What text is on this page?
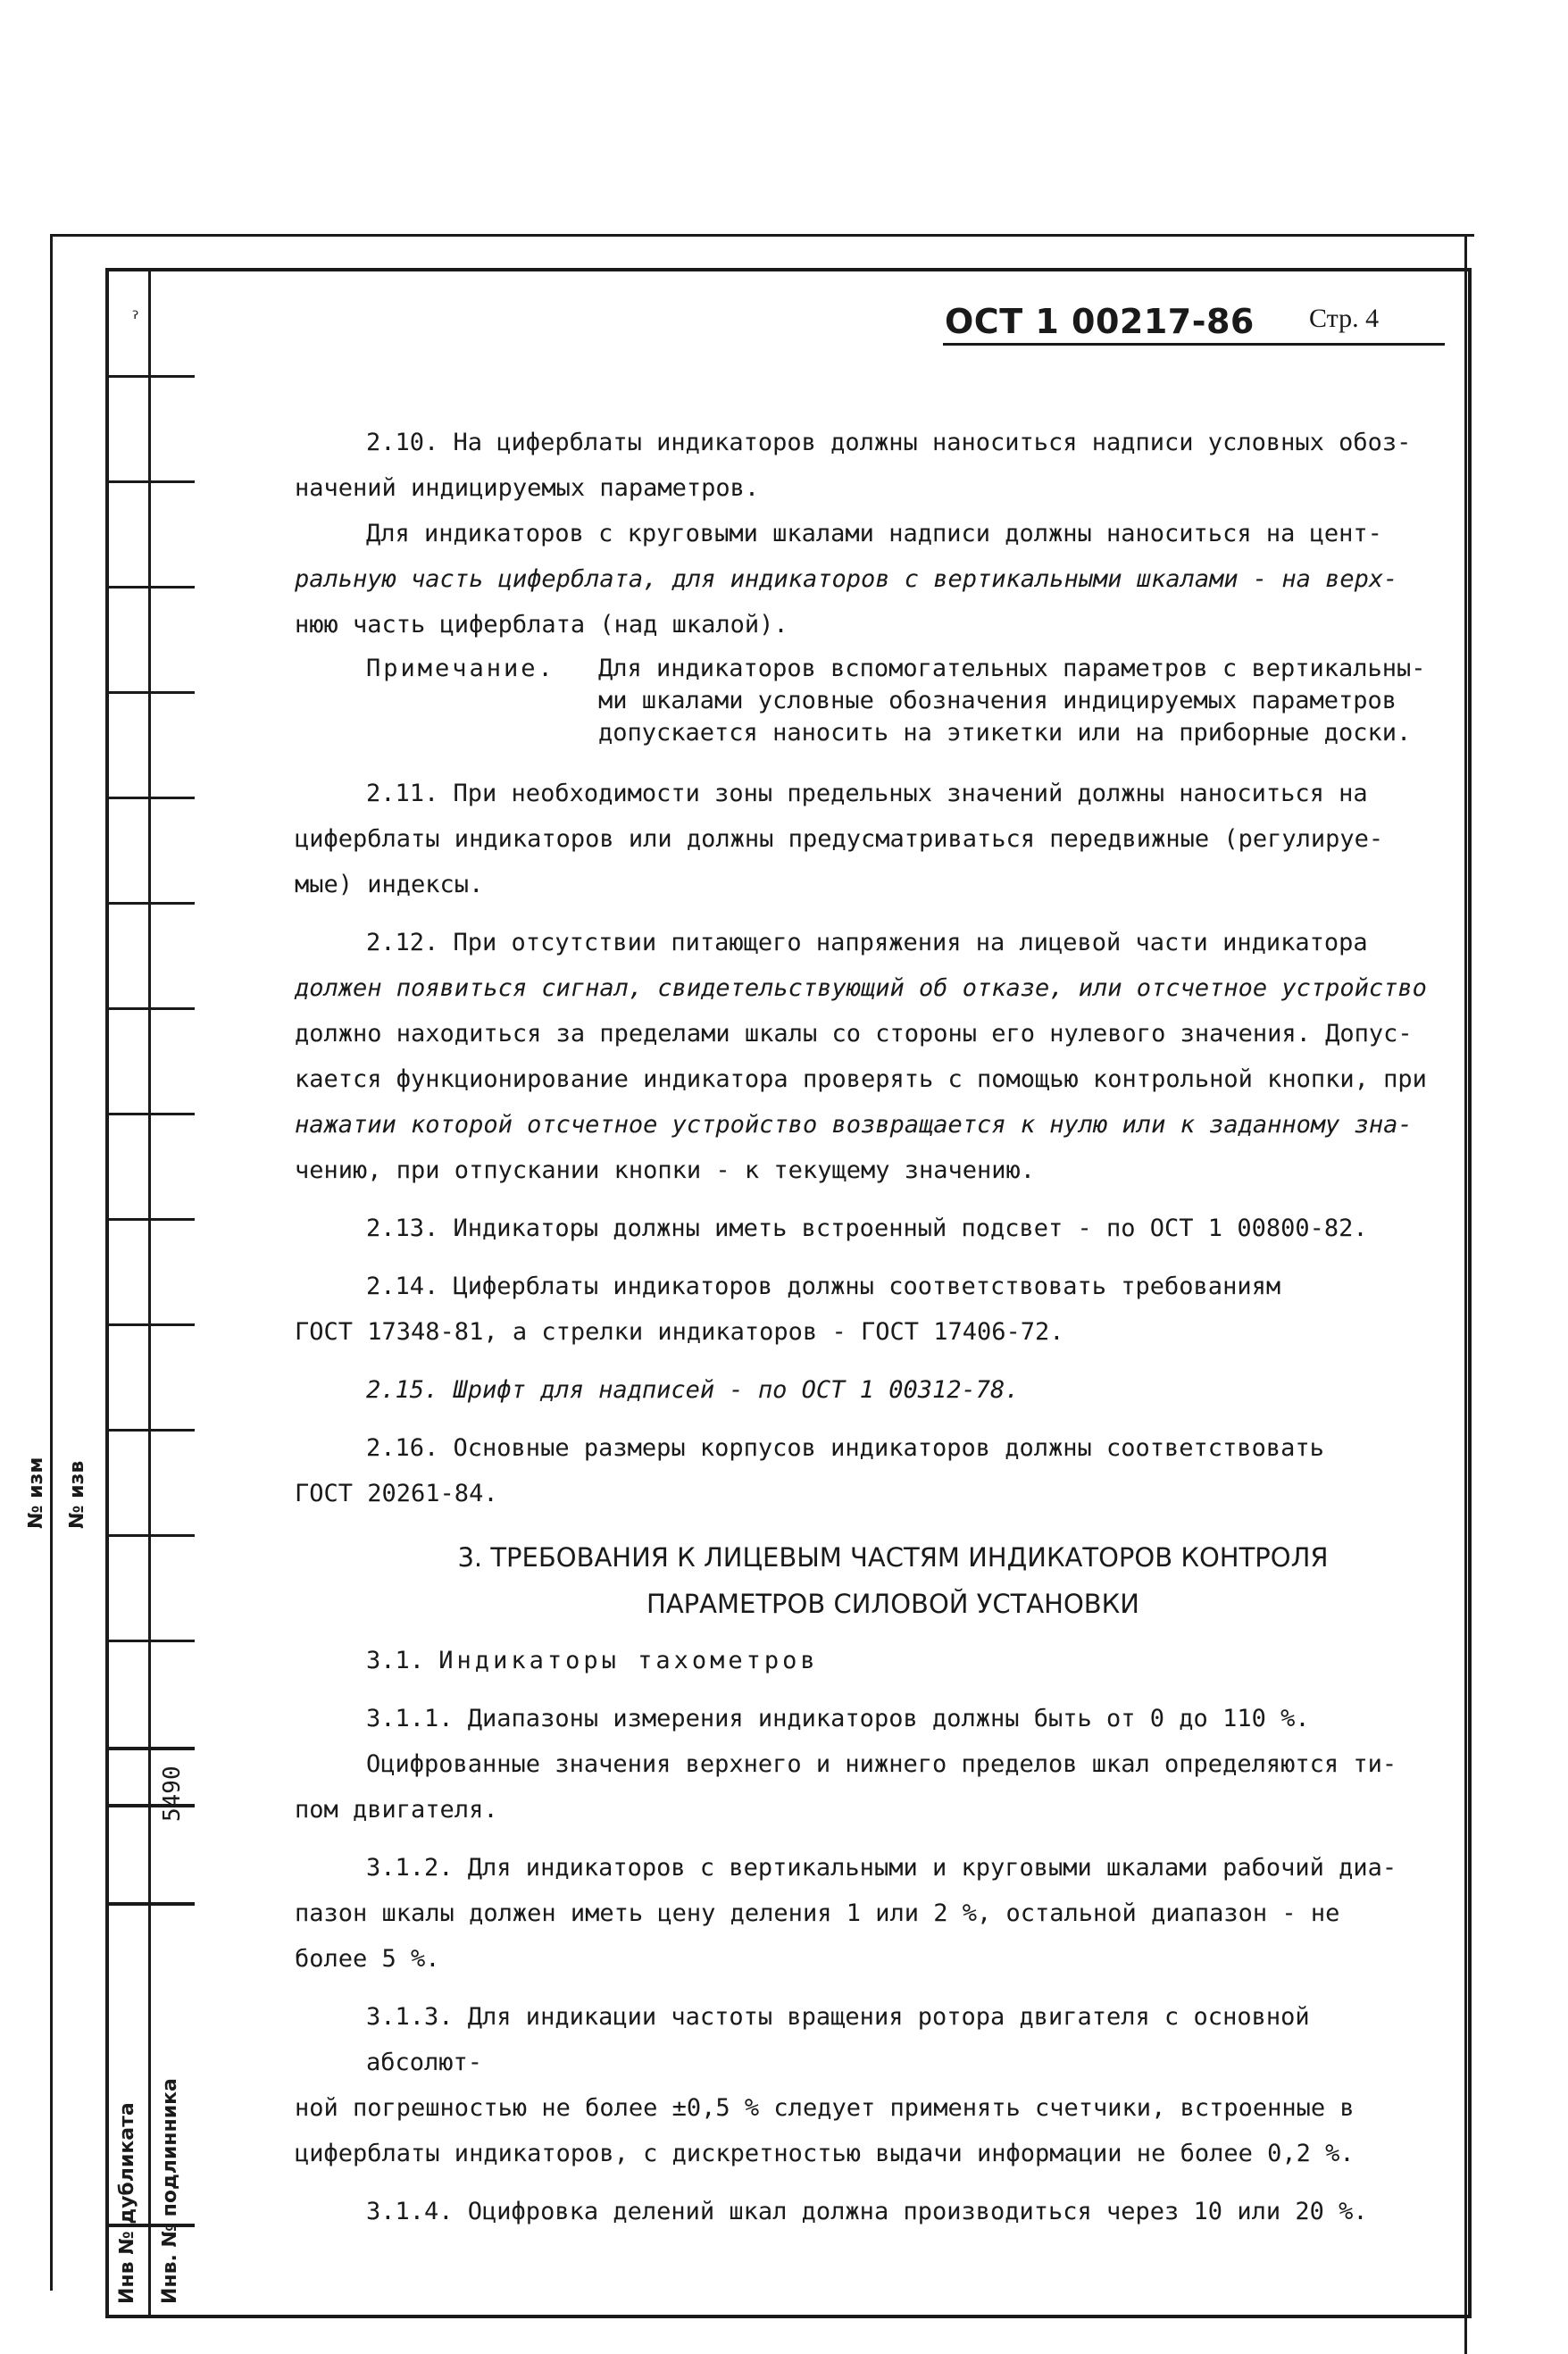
ˀ
№ изм № изв
5490
Инв № дубликата Инв. № подлинника
ОСТ 1 00217-86 Стр. 4

2.10. На циферблаты индикаторов должны наноситься надписи условных обоз-

начений индицируемых параметров.

Для индикаторов с круговыми шкалами надписи должны наноситься на цент-

ральную часть циферблата, для индикаторов с вертикальными шкалами - на верх-

нюю часть циферблата (над шкалой).

Примечание. Для индикаторов вспомогательных параметров с вертикальны-
ми шкалами условные обозначения индицируемых параметров
допускается наносить на этикетки или на приборные доски.

2.11. При необходимости зоны предельных значений должны наноситься на

циферблаты индикаторов или должны предусматриваться передвижные (регулируе-

мые) индексы.

2.12. При отсутствии питающего напряжения на лицевой части индикатора

должен появиться сигнал, свидетельствующий об отказе, или отсчетное устройство

должно находиться за пределами шкалы со стороны его нулевого значения. Допус-

кается функционирование индикатора проверять с помощью контрольной кнопки, при

нажатии которой отсчетное устройство возвращается к нулю или к заданному зна-

чению, при отпускании кнопки - к текущему значению.

2.13. Индикаторы должны иметь встроенный подсвет - по ОСТ 1 00800-82.

2.14. Циферблаты индикаторов должны соответствовать требованиям

ГОСТ 17348-81, а стрелки индикаторов - ГОСТ 17406-72.

2.15. Шрифт для надписей - по ОСТ 1 00312-78.

2.16. Основные размеры корпусов индикаторов должны соответствовать

ГОСТ 20261-84.

3. ТРЕБОВАНИЯ К ЛИЦЕВЫМ ЧАСТЯМ ИНДИКАТОРОВ КОНТРОЛЯ
ПАРАМЕТРОВ СИЛОВОЙ УСТАНОВКИ

3.1. Индикаторы тахометров

3.1.1. Диапазоны измерения индикаторов должны быть от 0 до 110 %.

Оцифрованные значения верхнего и нижнего пределов шкал определяются ти-

пом двигателя.

3.1.2. Для индикаторов с вертикальными и круговыми шкалами рабочий диа-

пазон шкалы должен иметь цену деления 1 или 2 %, остальной диапазон - не

более 5 %.

3.1.3. Для индикации частоты вращения ротора двигателя с основной абсолют-

ной погрешностью не более ±0,5 % следует применять счетчики, встроенные в

циферблаты индикаторов, с дискретностью выдачи информации не более 0,2 %.

3.1.4. Оцифровка делений шкал должна производиться через 10 или 20 %.
